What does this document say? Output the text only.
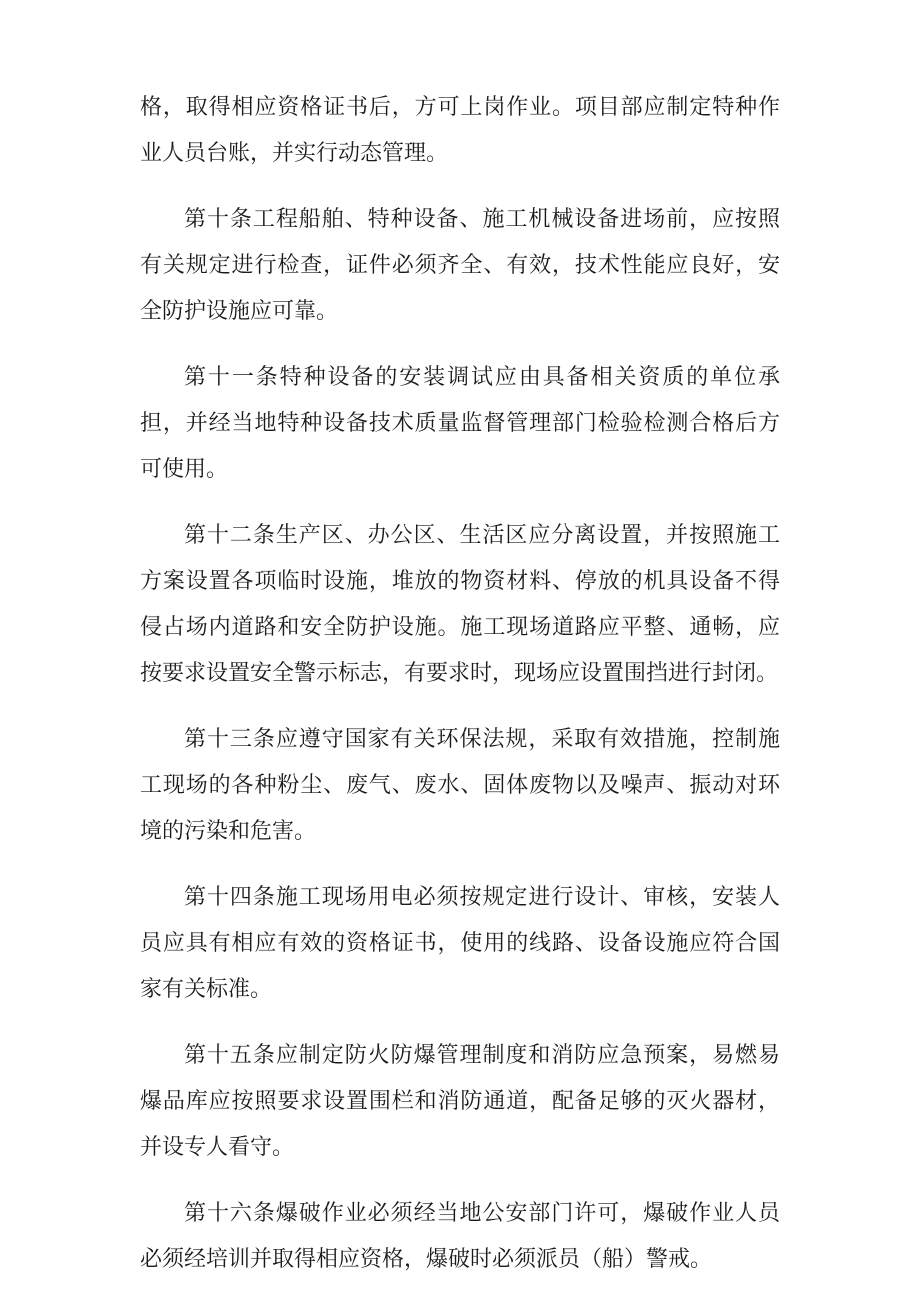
格，取得相应资格证书后，方可上岗作业。项目部应制定特种作
业人员台账，并实行动态管理。

第十条工程船舶、特种设备、施工机械设备进场前，应按照
有关规定进行检查，证件必须齐全、有效，技术性能应良好，安
全防护设施应可靠。

第十一条特种设备的安装调试应由具备相关资质的单位承
担，并经当地特种设备技术质量监督管理部门检验检测合格后方
可使用。

第十二条生产区、办公区、生活区应分离设置，并按照施工
方案设置各项临时设施，堆放的物资材料、停放的机具设备不得
侵占场内道路和安全防护设施。施工现场道路应平整、通畅，应
按要求设置安全警示标志，有要求时，现场应设置围挡进行封闭。

第十三条应遵守国家有关环保法规，采取有效措施，控制施
工现场的各种粉尘、废气、废水、固体废物以及噪声、振动对环
境的污染和危害。

第十四条施工现场用电必须按规定进行设计、审核，安装人
员应具有相应有效的资格证书，使用的线路、设备设施应符合国
家有关标准。

第十五条应制定防火防爆管理制度和消防应急预案，易燃易
爆品库应按照要求设置围栏和消防通道，配备足够的灭火器材，
并设专人看守。

第十六条爆破作业必须经当地公安部门许可，爆破作业人员
必须经培训并取得相应资格，爆破时必须派员（船）警戒。
